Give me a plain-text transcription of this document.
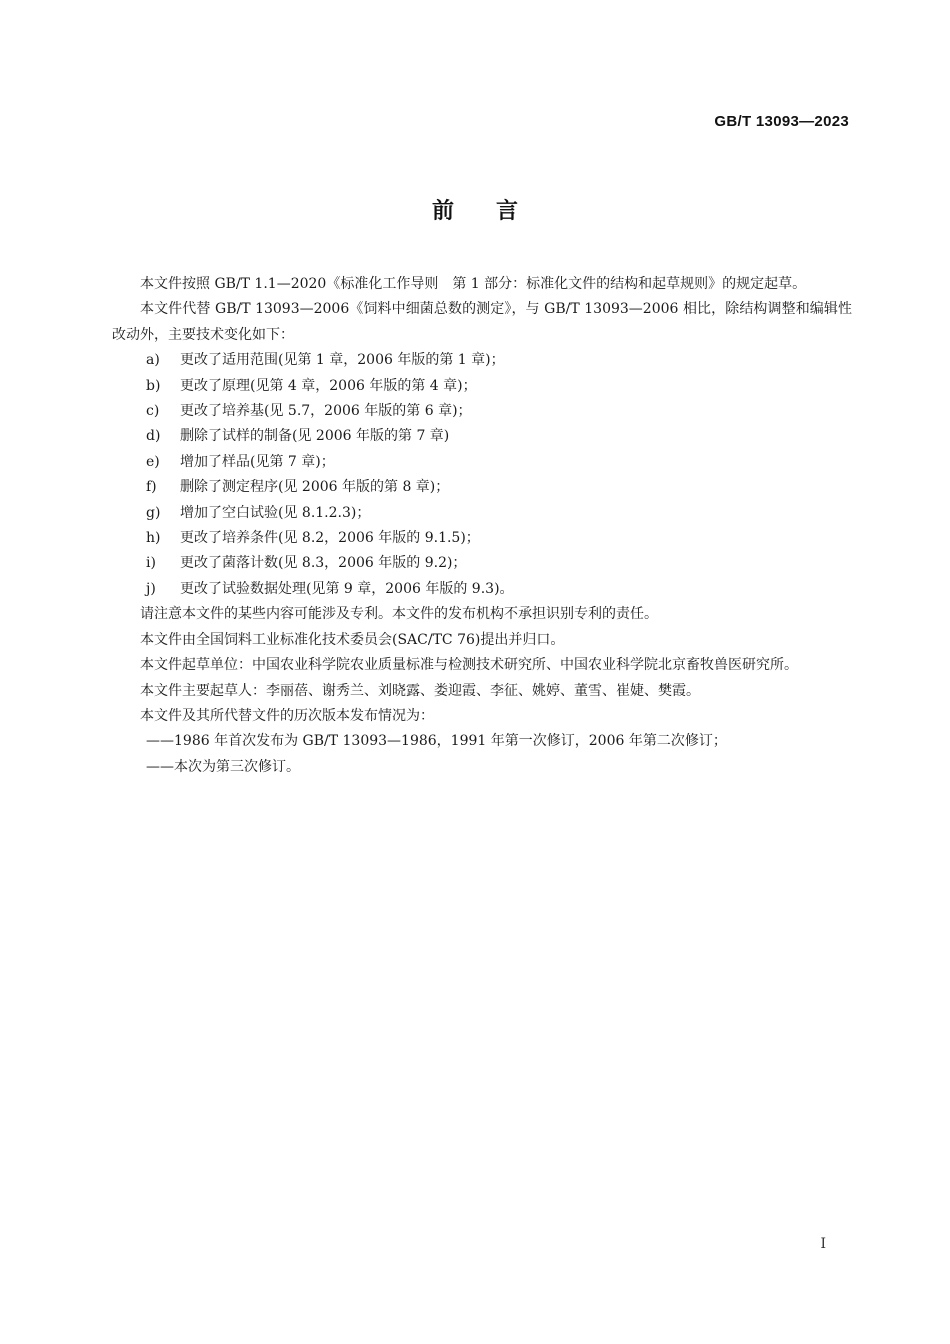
GB/T 13093—2023
前言

本文件按照 GB/T 1.1—2020《标准化工作导则　第 1 部分：标准化文件的结构和起草规则》的规定起草。

本文件代替 GB/T 13093—2006《饲料中细菌总数的测定》，与 GB/T 13093—2006 相比，除结构调整和编辑性改动外，主要技术变化如下：

a) 更改了适用范围(见第 1 章，2006 年版的第 1 章)；

b) 更改了原理(见第 4 章，2006 年版的第 4 章)；

c) 更改了培养基(见 5.7，2006 年版的第 6 章)；

d) 删除了试样的制备(见 2006 年版的第 7 章)

e) 增加了样品(见第 7 章)；

f) 删除了测定程序(见 2006 年版的第 8 章)；

g) 增加了空白试验(见 8.1.2.3)；

h) 更改了培养条件(见 8.2，2006 年版的 9.1.5)；

i) 更改了菌落计数(见 8.3，2006 年版的 9.2)；

j) 更改了试验数据处理(见第 9 章，2006 年版的 9.3)。

请注意本文件的某些内容可能涉及专利。本文件的发布机构不承担识别专利的责任。

本文件由全国饲料工业标准化技术委员会(SAC/TC 76)提出并归口。

本文件起草单位：中国农业科学院农业质量标准与检测技术研究所、中国农业科学院北京畜牧兽医研究所。

本文件主要起草人：李丽蓓、谢秀兰、刘晓露、娄迎霞、李征、姚婷、董雪、崔婕、樊霞。

本文件及其所代替文件的历次版本发布情况为：

——1986 年首次发布为 GB/T 13093—1986，1991 年第一次修订，2006 年第二次修订；

——本次为第三次修订。

I
